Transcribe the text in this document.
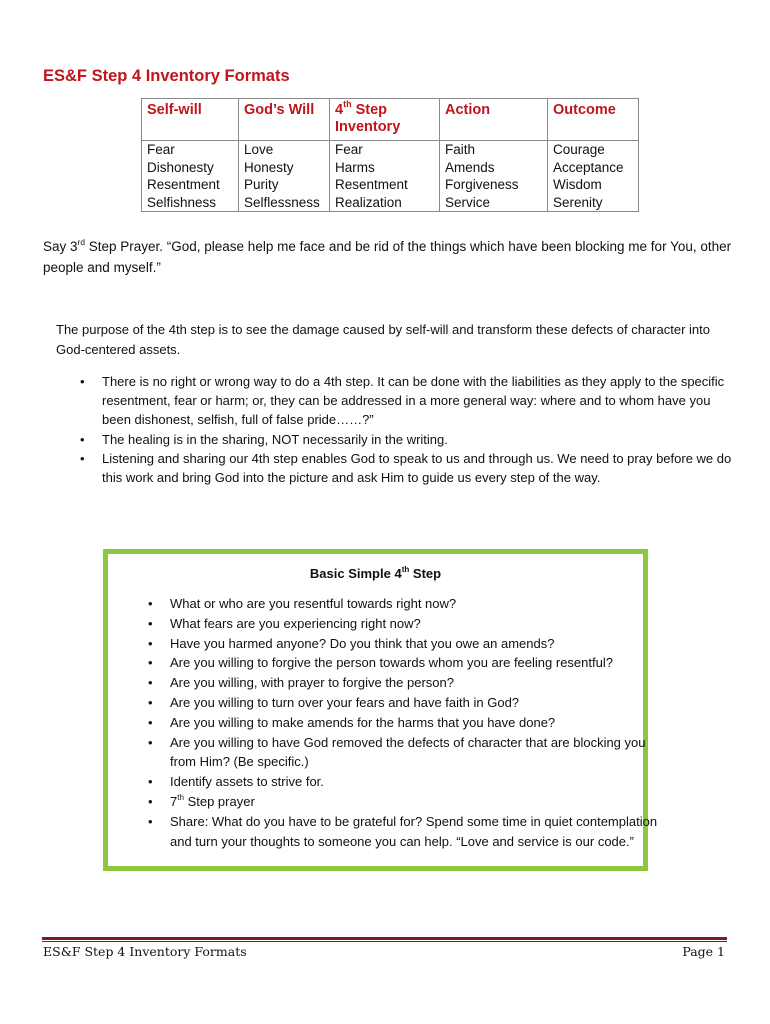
ES&F Step 4 Inventory Formats
Self-will	God’s Will	4th Step Inventory	Action	Outcome
Fear	Love	Fear	Faith	Courage
Dishonesty	Honesty	Harms	Amends	Acceptance
Resentment	Purity	Resentment	Forgiveness	Wisdom
Selfishness	Selflessness	Realization	Service	Serenity
Say 3rd Step Prayer. “God, please help me face and be rid of the things which have been blocking me for You, other people and myself.”
The purpose of the 4th step is to see the damage caused by self-will and transform these defects of character into God-centered assets.
• There is no right or wrong way to do a 4th step. It can be done with the liabilities as they apply to the specific resentment, fear or harm; or, they can be addressed in a more general way: where and to whom have you been dishonest, selfish, full of false pride……?”
• The healing is in the sharing, NOT necessarily in the writing.
• Listening and sharing our 4th step enables God to speak to us and through us. We need to pray before we do this work and bring God into the picture and ask Him to guide us every step of the way.
Basic Simple 4th Step
• What or who are you resentful towards right now?
• What fears are you experiencing right now?
• Have you harmed anyone? Do you think that you owe an amends?
• Are you willing to forgive the person towards whom you are feeling resentful?
• Are you willing, with prayer to forgive the person?
• Are you willing to turn over your fears and have faith in God?
• Are you willing to make amends for the harms that you have done?
• Are you willing to have God removed the defects of character that are blocking you from Him? (Be specific.)
• Identify assets to strive for.
• 7th Step prayer
• Share: What do you have to be grateful for? Spend some time in quiet contemplation and turn your thoughts to someone you can help. “Love and service is our code.”
ES&F Step 4 Inventory Formats	Page 1
